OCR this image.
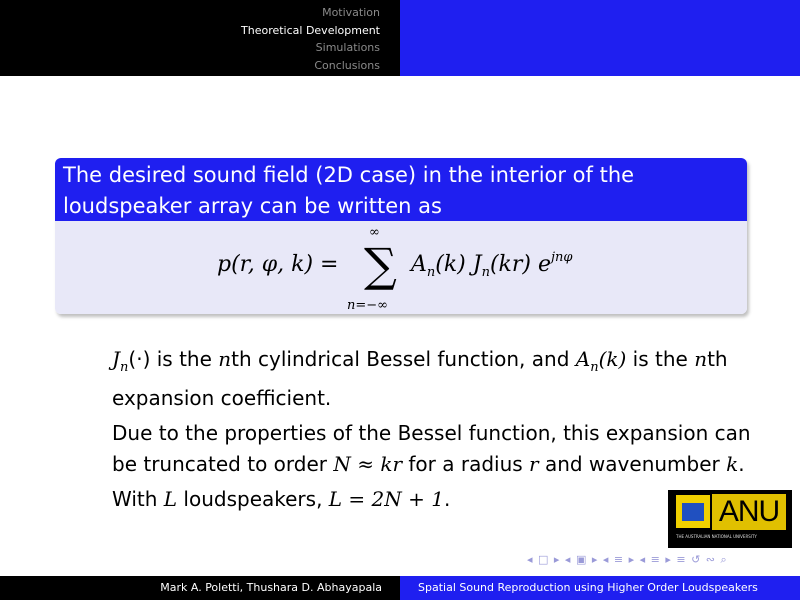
Motivation
Theoretical Development
Simulations
Conclusions
The desired sound field (2D case) in the interior of the loudspeaker array can be written as
p(r, φ, k) = ∑
∞
n=−∞
$A_n(k)$ $J_n(kr)$ $e^{jn\varphi}$

$J_n(\cdot)$ is the nth cylindrical Bessel function, and $A_n(k)$ is the nth expansion coefficient.

Due to the properties of the Bessel function, this expansion can be truncated to order N ≈ kr for a radius r and wavenumber k.

With L loudspeakers, L = 2N + 1.	ANU
THE AUSTRALIAN NATIONAL UNIVERSITY
◂ □ ▸ ◂ ▣ ▸ ◂ ≡ ▸ ◂ ≡ ▸ ≡ ↺ ∾ ⌕
Mark A. Poletti, Thushara D. Abhayapala	Spatial Sound Reproduction using Higher Order Loudspeakers
